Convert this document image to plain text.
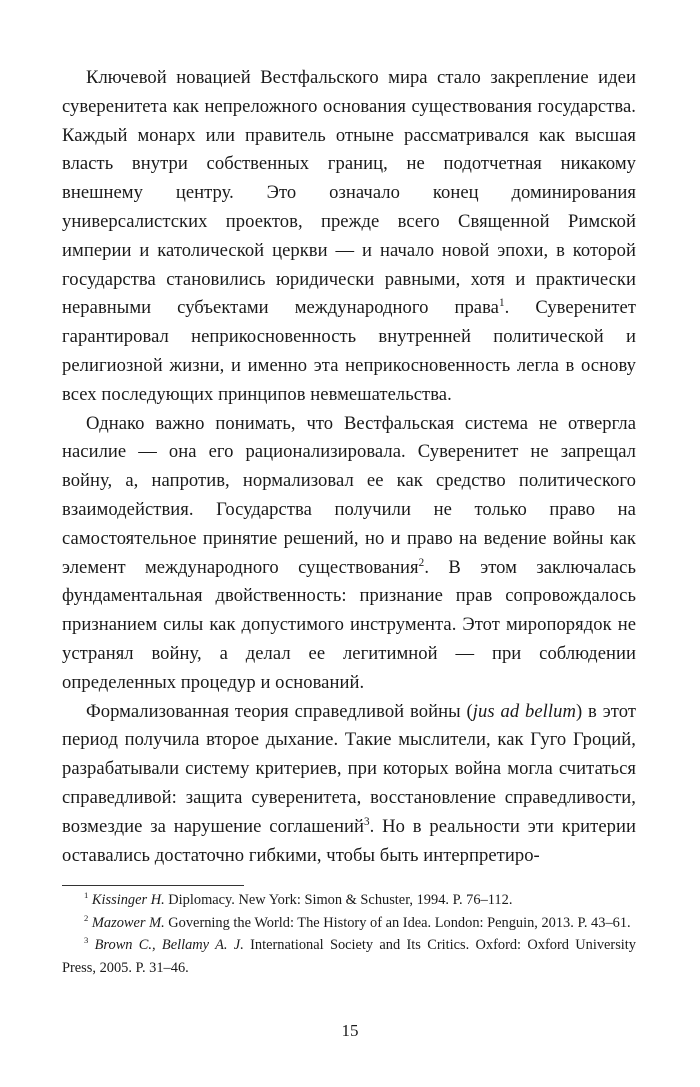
Ключевой новацией Вестфальского мира стало закрепление идеи суверенитета как непреложного основания существования государства. Каждый монарх или правитель отныне рассматривался как высшая власть внутри собственных границ, не подотчетная никакому внешнему центру. Это означало конец доминирования универсалистских проектов, прежде всего Священной Римской империи и католической церкви — и начало новой эпохи, в которой государства становились юридически равными, хотя и практически неравными субъектами международного права$^1$. Суверенитет гарантировал неприкосновенность внутренней политической и религиозной жизни, и именно эта неприкосновенность легла в основу всех последующих принципов невмешательства.

Однако важно понимать, что Вестфальская система не отвергла насилие — она его рационализировала. Суверенитет не запрещал войну, а, напротив, нормализовал ее как средство политического взаимодействия. Государства получили не только право на самостоятельное принятие решений, но и право на ведение войны как элемент международного существования$^2$. В этом заключалась фундаментальная двойственность: признание прав сопровождалось признанием силы как допустимого инструмента. Этот миропорядок не устранял войну, а делал ее легитимной — при соблюдении определенных процедур и оснований.

Формализованная теория справедливой войны (jus ad bellum) в этот период получила второе дыхание. Такие мыслители, как Гуго Гроций, разрабатывали систему критериев, при которых война могла считаться справедливой: защита суверенитета, восстановление справедливости, возмездие за нарушение соглашений$^3$. Но в реальности эти критерии оставались достаточно гибкими, чтобы быть интерпретиро-

$^1$ Kissinger H. Diplomacy. New York: Simon & Schuster, 1994. P. 76–112.

$^2$ Mazower M. Governing the World: The History of an Idea. London: Penguin, 2013. P. 43–61.

$^3$ Brown C., Bellamy A. J. International Society and Its Critics. Oxford: Oxford University Press, 2005. P. 31–46.

15
